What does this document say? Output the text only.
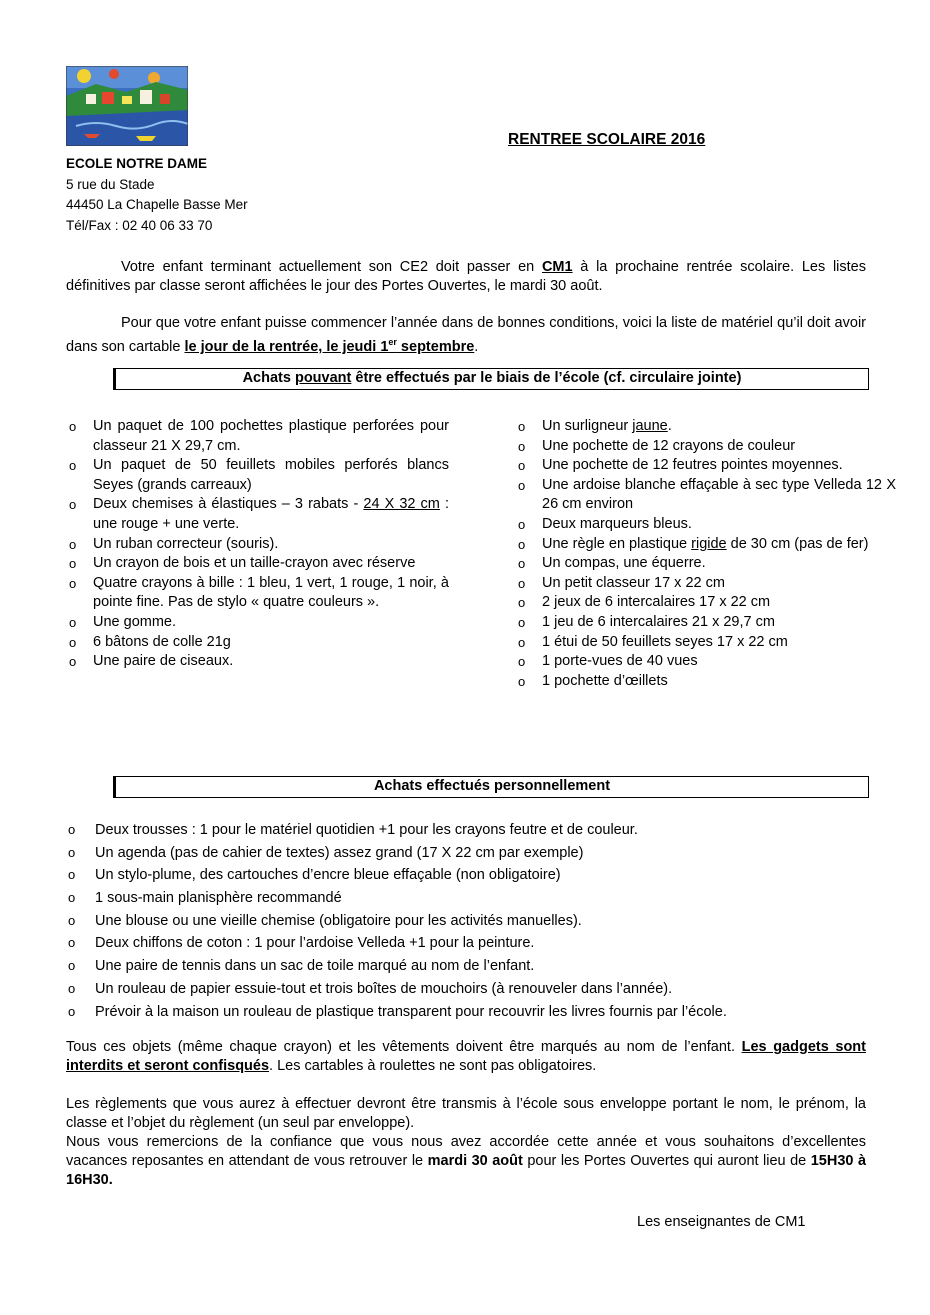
RENTREE SCOLAIRE 2016
ECOLE NOTRE DAME
5 rue du Stade
44450 La Chapelle Basse Mer
Tél/Fax : 02 40 06 33 70
Votre enfant terminant actuellement son CE2 doit passer en CM1 à la prochaine rentrée scolaire. Les listes définitives par classe seront affichées le jour des Portes Ouvertes, le mardi 30 août.
Pour que votre enfant puisse commencer l’année dans de bonnes conditions, voici la liste de matériel qu’il doit avoir dans son cartable le jour de la rentrée, le jeudi 1er septembre.
Achats pouvant être effectués par le biais de l’école (cf. circulaire jointe)
o Un paquet de 100 pochettes plastique perforées pour classeur 21 X 29,7 cm.
o Un paquet de 50 feuillets mobiles perforés blancs Seyes (grands carreaux)
o Deux chemises à élastiques – 3 rabats - 24 X 32 cm : une rouge + une verte.
o Un ruban correcteur (souris).
o Un crayon de bois et un taille-crayon avec réserve
o Quatre crayons à bille : 1 bleu, 1 vert, 1 rouge, 1 noir, à pointe fine. Pas de stylo « quatre couleurs ».
o Une gomme.
o 6 bâtons de colle 21g
o Une paire de ciseaux.
o Un surligneur jaune.
o Une pochette de 12 crayons de couleur
o Une pochette de 12 feutres pointes moyennes.
o Une ardoise blanche effaçable à sec type Velleda 12 X 26 cm environ
o Deux marqueurs bleus.
o Une règle en plastique rigide de 30 cm (pas de fer)
o Un compas, une équerre.
o Un petit classeur 17 x 22 cm
o 2 jeux de 6 intercalaires 17 x 22 cm
o 1 jeu de 6 intercalaires 21 x 29,7 cm
o 1 étui de 50 feuillets seyes 17 x 22 cm
o 1 porte-vues de 40 vues
o 1 pochette d’œillets
Achats effectués personnellement
o Deux trousses : 1 pour le matériel quotidien +1 pour les crayons feutre et de couleur.
o Un agenda (pas de cahier de textes) assez grand (17 X 22 cm par exemple)
o Un stylo-plume, des cartouches d’encre bleue effaçable (non obligatoire)
o 1 sous-main planisphère recommandé
o Une blouse ou une vieille chemise (obligatoire pour les activités manuelles).
o Deux chiffons de coton : 1 pour l’ardoise Velleda +1 pour la peinture.
o Une paire de tennis dans un sac de toile marqué au nom de l’enfant.
o Un rouleau de papier essuie-tout et trois boîtes de mouchoirs (à renouveler dans l’année).
o Prévoir à la maison un rouleau de plastique transparent pour recouvrir les livres fournis par l’école.
Tous ces objets (même chaque crayon) et les vêtements doivent être marqués au nom de l’enfant. Les gadgets sont interdits et seront confisqués. Les cartables à roulettes ne sont pas obligatoires.
Les règlements que vous aurez à effectuer devront être transmis à l’école sous enveloppe portant le nom, le prénom, la classe et l’objet du règlement (un seul par enveloppe).
Nous vous remercions de la confiance que vous nous avez accordée cette année et vous souhaitons d’excellentes vacances reposantes en attendant de vous retrouver le mardi 30 août pour les Portes Ouvertes qui auront lieu de 15H30 à 16H30.
Les enseignantes de CM1
